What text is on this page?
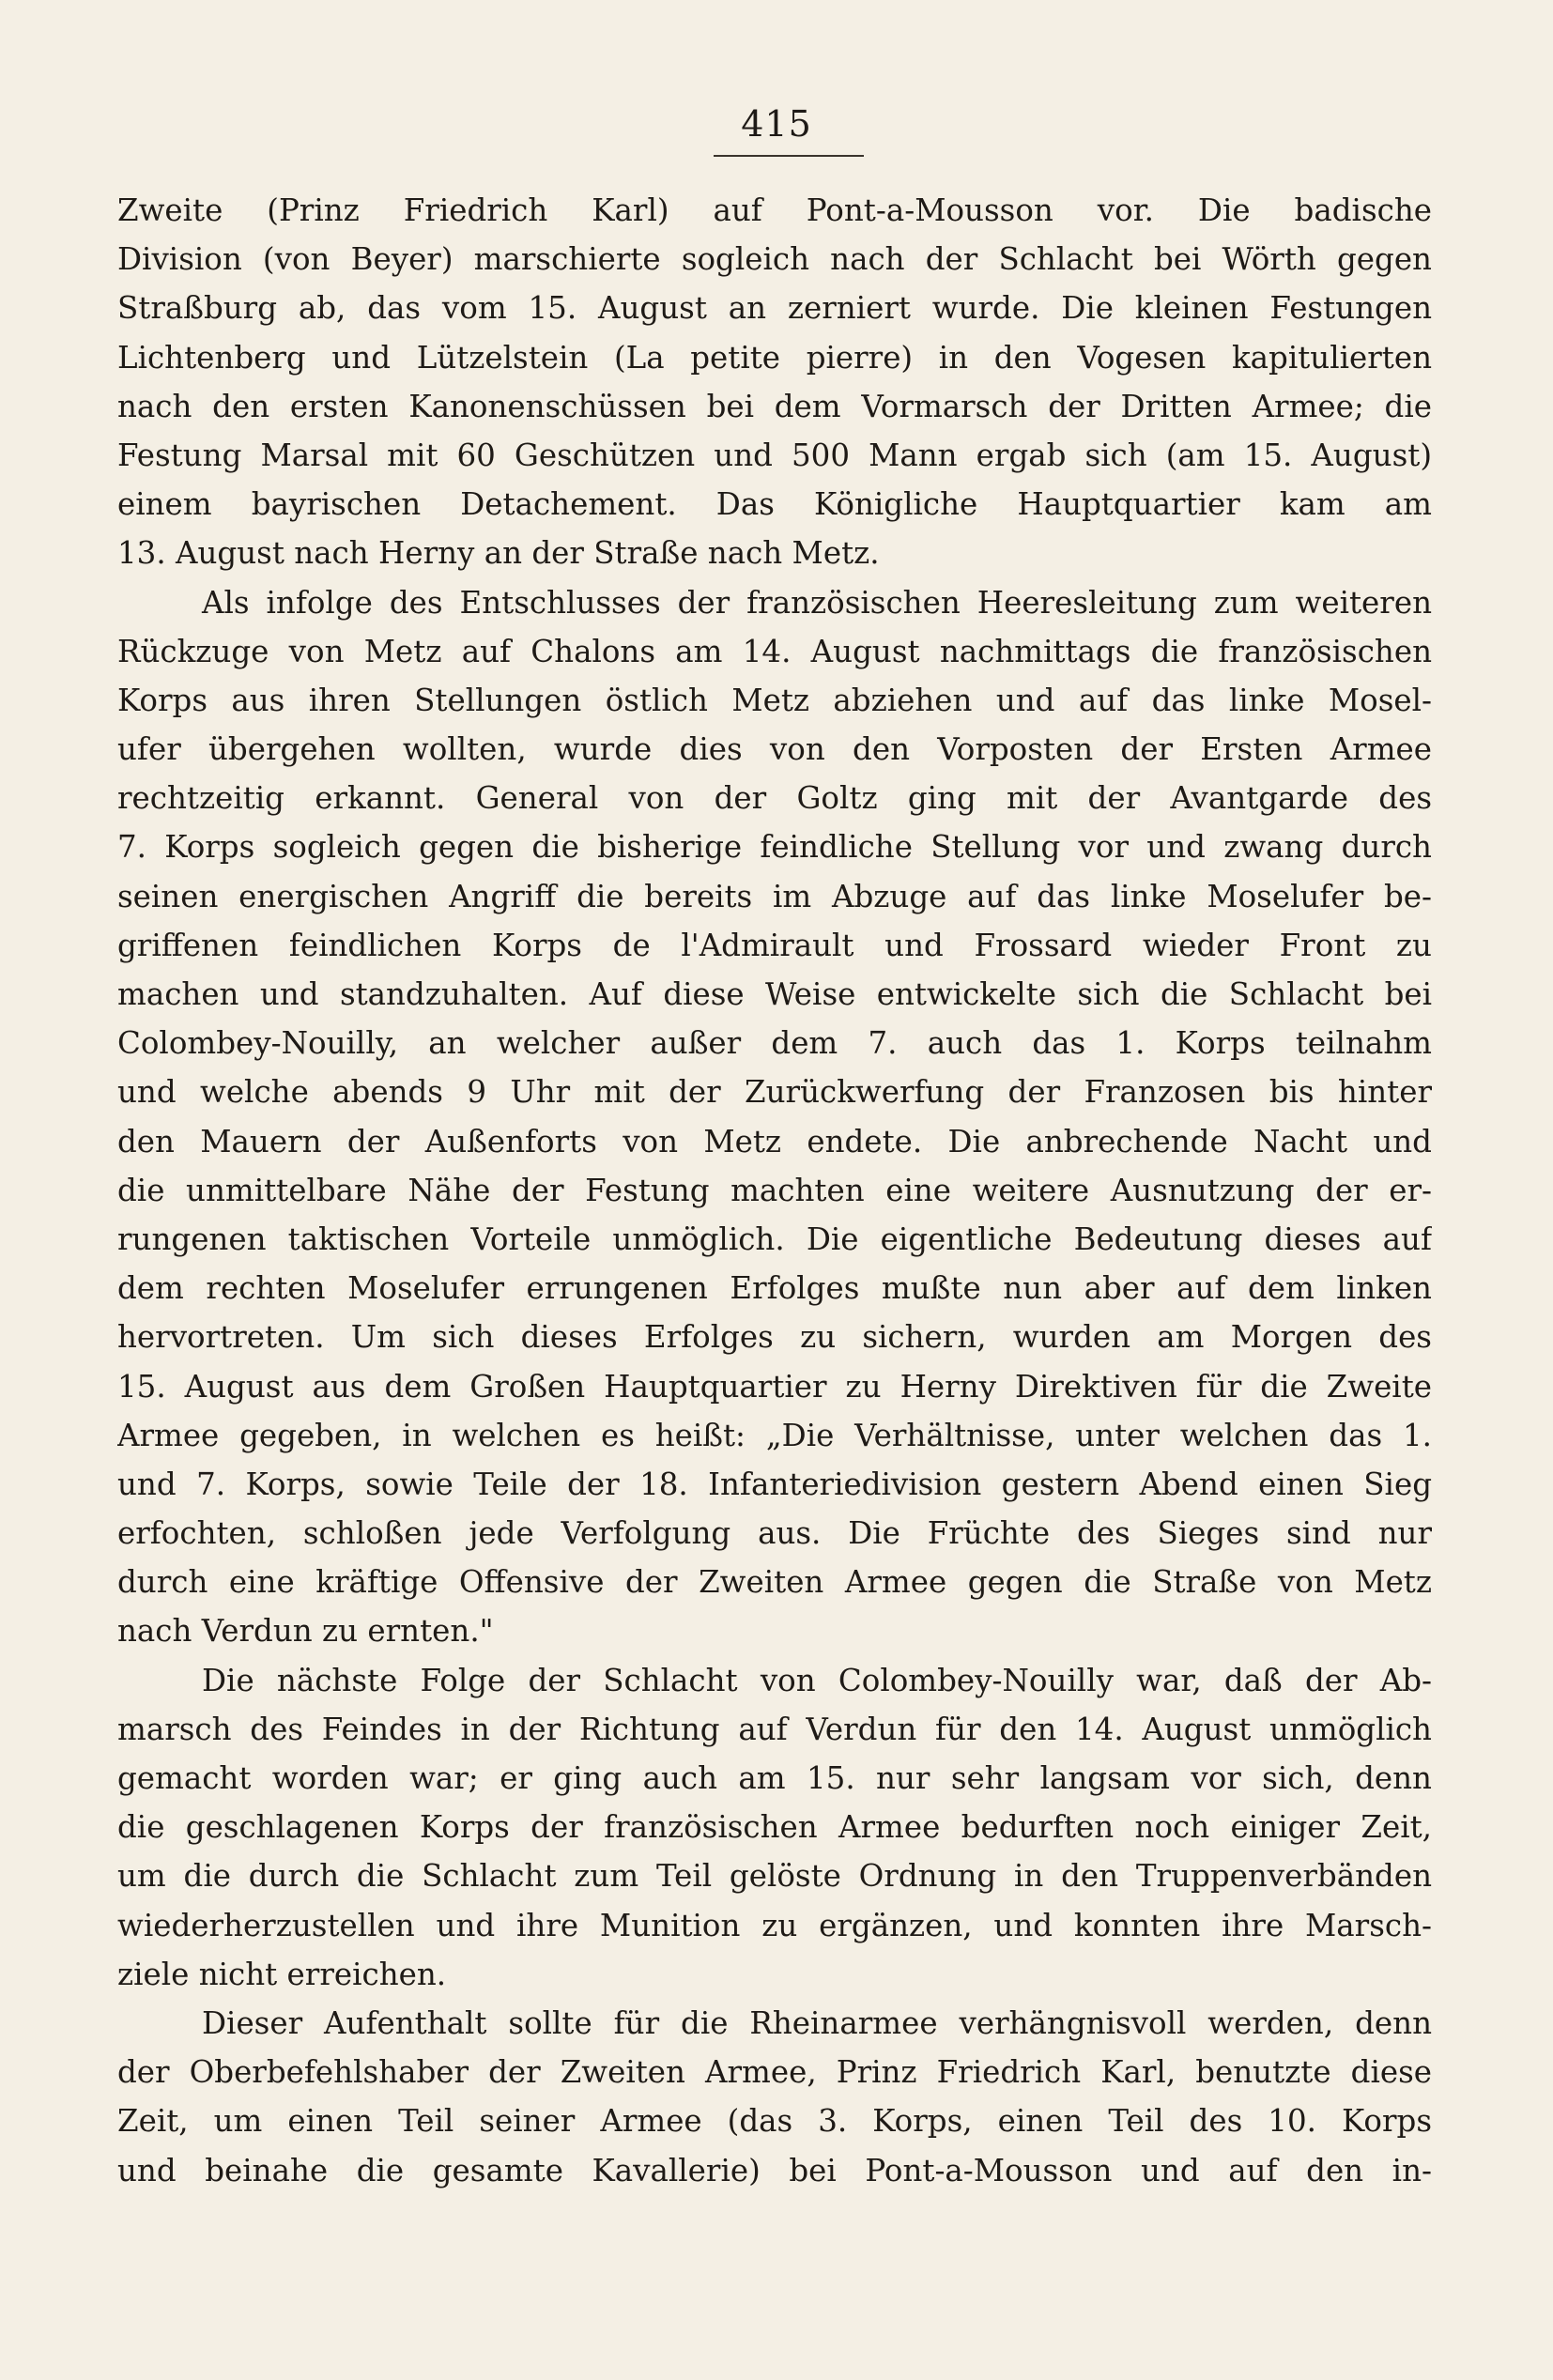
415
Zweite (Prinz Friedrich Karl) auf Pont-a-Mousson vor. Die badische
Division (von Beyer) marschierte sogleich nach der Schlacht bei Wörth gegen
Straßburg ab, das vom 15. August an zerniert wurde. Die kleinen Festungen
Lichtenberg und Lützelstein (La petite pierre) in den Vogesen kapitulierten
nach den ersten Kanonenschüssen bei dem Vormarsch der Dritten Armee; die
Festung Marsal mit 60 Geschützen und 500 Mann ergab sich (am 15. August)
einem bayrischen Detachement. Das Königliche Hauptquartier kam am
13. August nach Herny an der Straße nach Metz.
Als infolge des Entschlusses der französischen Heeresleitung zum weiteren
Rückzuge von Metz auf Chalons am 14. August nachmittags die französischen
Korps aus ihren Stellungen östlich Metz abziehen und auf das linke Mosel-
ufer übergehen wollten, wurde dies von den Vorposten der Ersten Armee
rechtzeitig erkannt. General von der Goltz ging mit der Avantgarde des
7. Korps sogleich gegen die bisherige feindliche Stellung vor und zwang durch
seinen energischen Angriff die bereits im Abzuge auf das linke Moselufer be-
griffenen feindlichen Korps de l'Admirault und Frossard wieder Front zu
machen und standzuhalten. Auf diese Weise entwickelte sich die Schlacht bei
Colombey-Nouilly, an welcher außer dem 7. auch das 1. Korps teilnahm
und welche abends 9 Uhr mit der Zurückwerfung der Franzosen bis hinter
den Mauern der Außenforts von Metz endete. Die anbrechende Nacht und
die unmittelbare Nähe der Festung machten eine weitere Ausnutzung der er-
rungenen taktischen Vorteile unmöglich. Die eigentliche Bedeutung dieses auf
dem rechten Moselufer errungenen Erfolges mußte nun aber auf dem linken
hervortreten. Um sich dieses Erfolges zu sichern, wurden am Morgen des
15. August aus dem Großen Hauptquartier zu Herny Direktiven für die Zweite
Armee gegeben, in welchen es heißt: „Die Verhältnisse, unter welchen das 1.
und 7. Korps, sowie Teile der 18. Infanteriedivision gestern Abend einen Sieg
erfochten, schloßen jede Verfolgung aus. Die Früchte des Sieges sind nur
durch eine kräftige Offensive der Zweiten Armee gegen die Straße von Metz
nach Verdun zu ernten."
Die nächste Folge der Schlacht von Colombey-Nouilly war, daß der Ab-
marsch des Feindes in der Richtung auf Verdun für den 14. August unmöglich
gemacht worden war; er ging auch am 15. nur sehr langsam vor sich, denn
die geschlagenen Korps der französischen Armee bedurften noch einiger Zeit,
um die durch die Schlacht zum Teil gelöste Ordnung in den Truppenverbänden
wiederherzustellen und ihre Munition zu ergänzen, und konnten ihre Marsch-
ziele nicht erreichen.
Dieser Aufenthalt sollte für die Rheinarmee verhängnisvoll werden, denn
der Oberbefehlshaber der Zweiten Armee, Prinz Friedrich Karl, benutzte diese
Zeit, um einen Teil seiner Armee (das 3. Korps, einen Teil des 10. Korps
und beinahe die gesamte Kavallerie) bei Pont-a-Mousson und auf den in-
